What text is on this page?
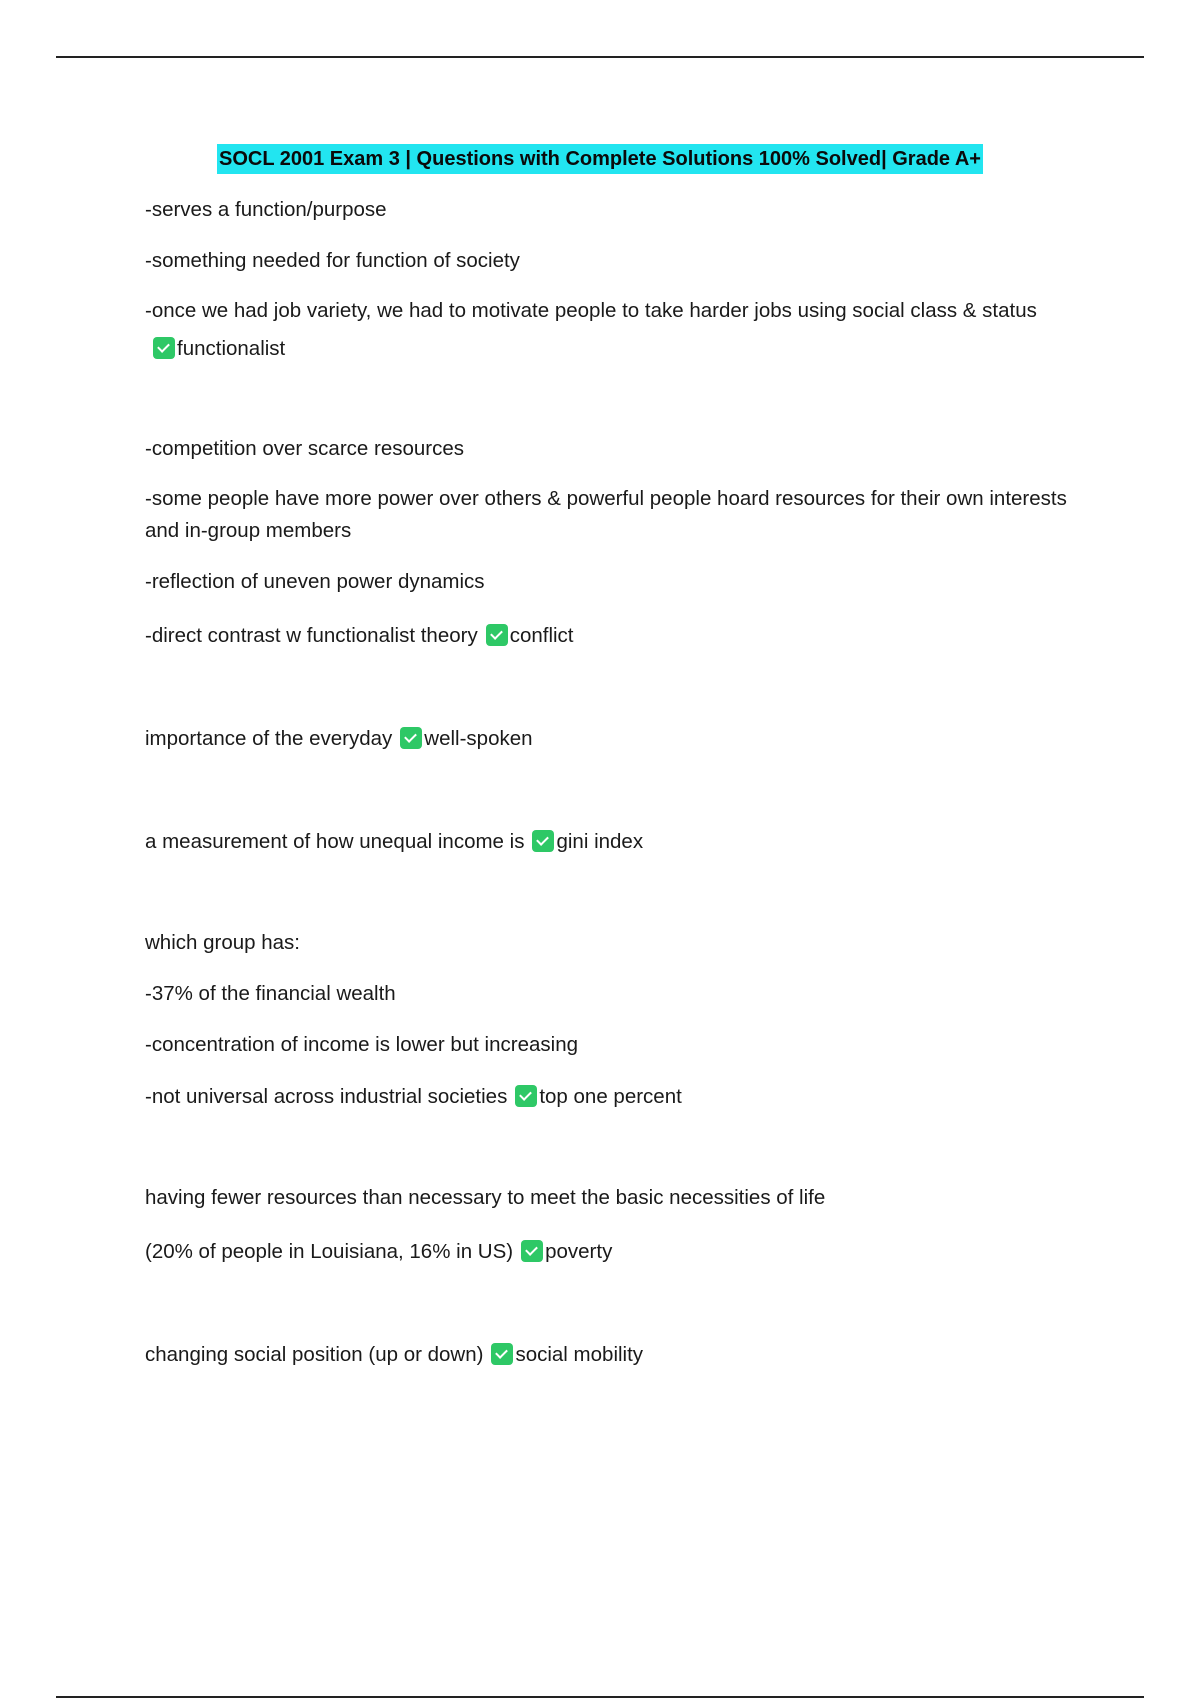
SOCL 2001 Exam 3 | Questions with Complete Solutions 100% Solved| Grade A+
-serves a function/purpose
-something needed for function of society
-once we had job variety, we had to motivate people to take harder jobs using social class & statusfunctionalist
-competition over scarce resources
-some people have more power over others & powerful people hoard resources for their own interests and in-group members
-reflection of uneven power dynamics
-direct contrast w functionalist theory conflict
importance of the everyday well-spoken
a measurement of how unequal income is gini index
which group has:
-37% of the financial wealth
-concentration of income is lower but increasing
-not universal across industrial societies top one percent
having fewer resources than necessary to meet the basic necessities of life
(20% of people in Louisiana, 16% in US) poverty
changing social position (up or down) social mobility
